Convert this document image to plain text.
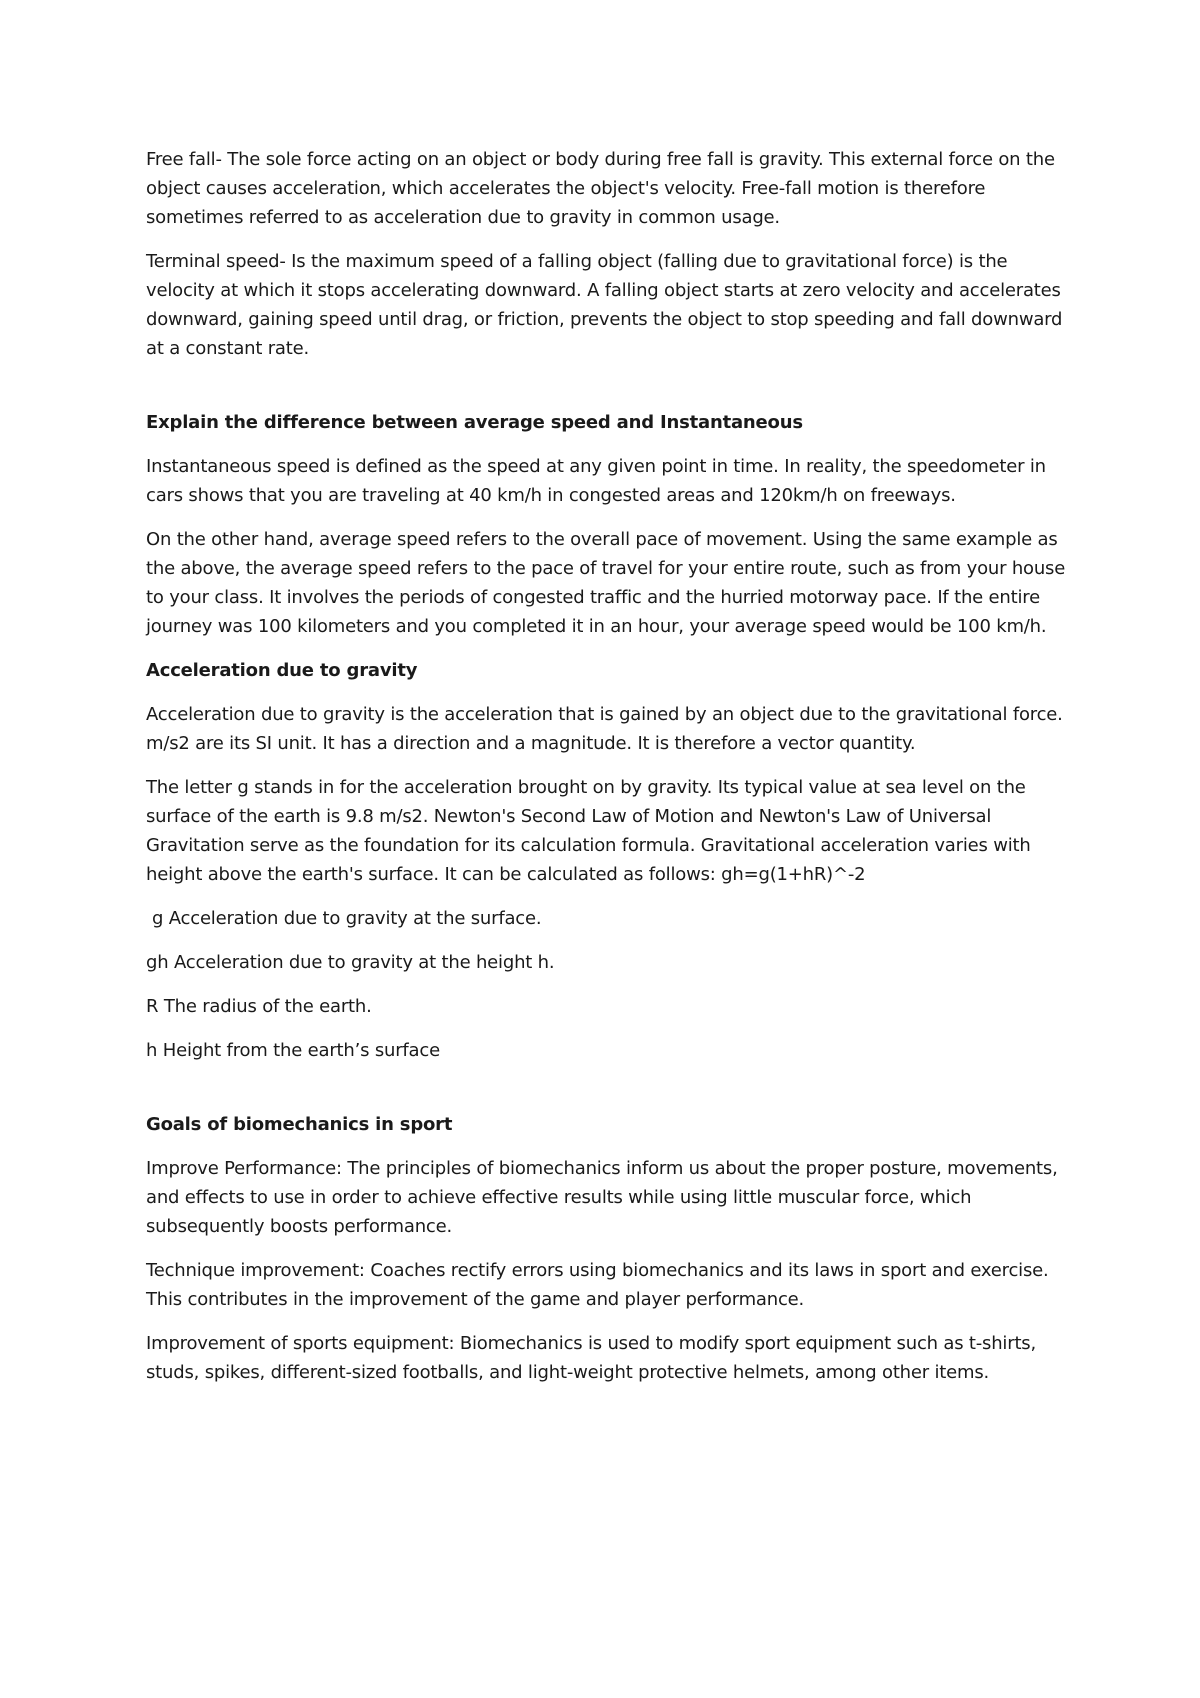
Free fall- The sole force acting on an object or body during free fall is gravity. This external force on the object causes acceleration, which accelerates the object's velocity. Free-fall motion is therefore sometimes referred to as acceleration due to gravity in common usage.

Terminal speed- Is the maximum speed of a falling object (falling due to gravitational force) is the velocity at which it stops accelerating downward. A falling object starts at zero velocity and accelerates downward, gaining speed until drag, or friction, prevents the object to stop speeding and fall downward at a constant rate.

Explain the difference between average speed and Instantaneous

Instantaneous speed is defined as the speed at any given point in time. In reality, the speedometer in cars shows that you are traveling at 40 km/h in congested areas and 120km/h on freeways.

On the other hand, average speed refers to the overall pace of movement. Using the same example as the above, the average speed refers to the pace of travel for your entire route, such as from your house to your class. It involves the periods of congested traffic and the hurried motorway pace. If the entire journey was 100 kilometers and you completed it in an hour, your average speed would be 100 km/h.

Acceleration due to gravity

Acceleration due to gravity is the acceleration that is gained by an object due to the gravitational force. m/s2 are its SI unit. It has a direction and a magnitude. It is therefore a vector quantity.

The letter g stands in for the acceleration brought on by gravity. Its typical value at sea level on the surface of the earth is 9.8 m/s2. Newton's Second Law of Motion and Newton's Law of Universal Gravitation serve as the foundation for its calculation formula. Gravitational acceleration varies with height above the earth's surface. It can be calculated as follows: gh=g(1+hR)^-2

g Acceleration due to gravity at the surface.

gh Acceleration due to gravity at the height h.

R The radius of the earth.

h Height from the earth’s surface

Goals of biomechanics in sport

Improve Performance: The principles of biomechanics inform us about the proper posture, movements, and effects to use in order to achieve effective results while using little muscular force, which subsequently boosts performance.

Technique improvement: Coaches rectify errors using biomechanics and its laws in sport and exercise. This contributes in the improvement of the game and player performance.

Improvement of sports equipment: Biomechanics is used to modify sport equipment such as t-shirts, studs, spikes, different-sized footballs, and light-weight protective helmets, among other items.
